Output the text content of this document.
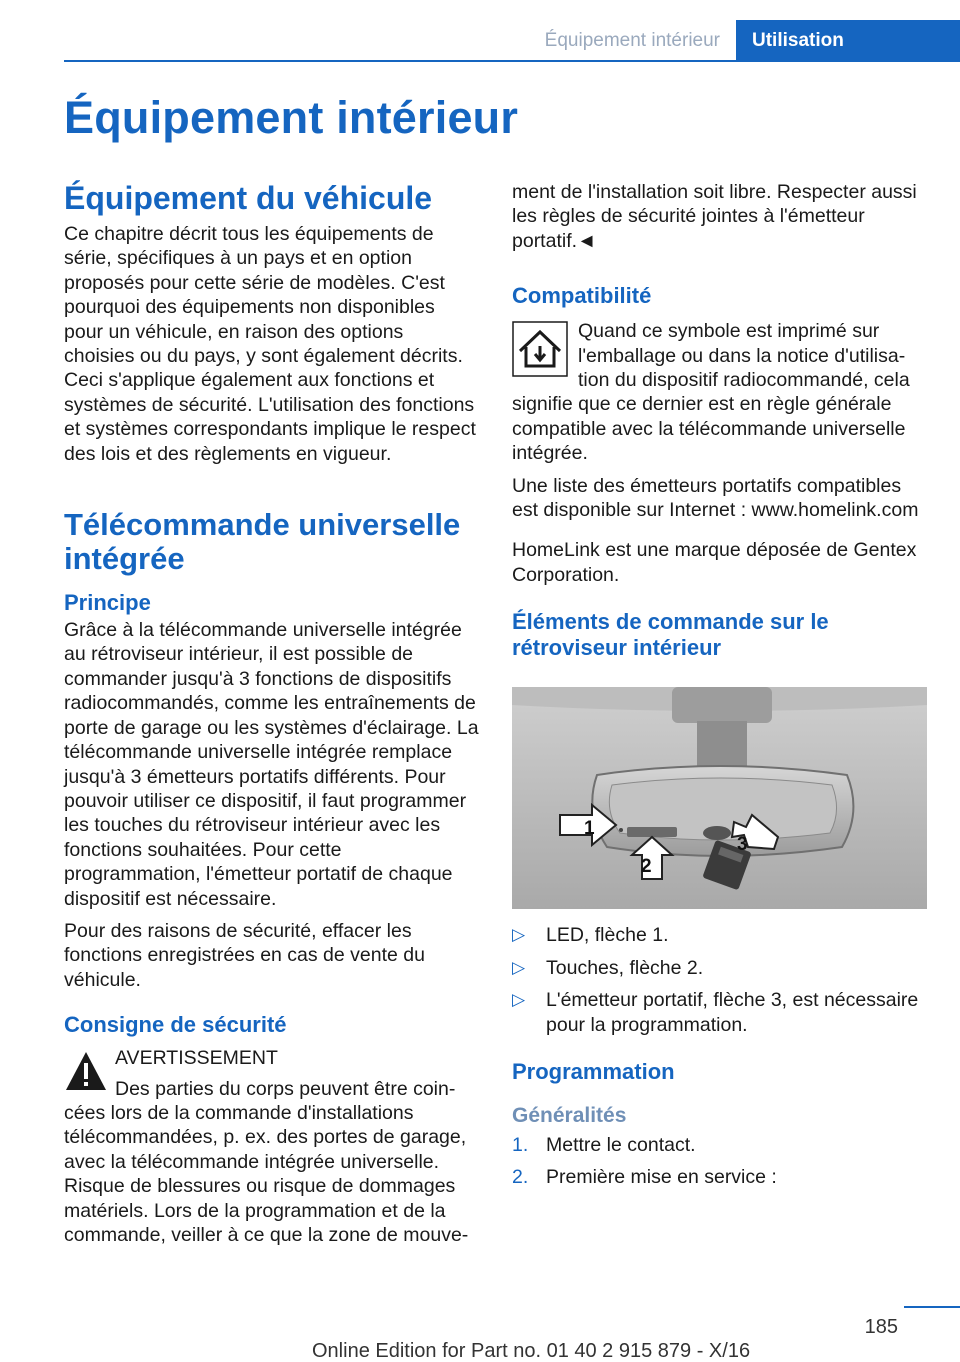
Équipement intérieur	Utilisation
Équipement intérieur
Équipement du véhicule

Ce chapitre décrit tous les équipements de série, spécifiques à un pays et en option proposés pour cette série de modèles. C'est pourquoi des équipements non disponibles pour un véhicule, en raison des options choisies ou du pays, y sont également décrits. Ceci s'applique également aux fonctions et systèmes de sécurité. L'utilisation des fonctions et systèmes correspondants implique le respect des lois et des règlements en vigueur.

Télécommande universelle intégrée
Principe

Grâce à la télécommande universelle intégrée au rétroviseur intérieur, il est possible de commander jusqu'à 3 fonctions de dispositifs radiocommandés, comme les entraînements de porte de garage ou les systèmes d'éclairage. La télécommande universelle intégrée remplace jusqu'à 3 émetteurs portatifs différents. Pour pouvoir utiliser ce dispositif, il faut programmer les touches du rétroviseur intérieur avec les fonctions souhaitées. Pour cette programmation, l'émetteur portatif de chaque dispositif est nécessaire.

Pour des raisons de sécurité, effacer les fonctions enregistrées en cas de vente du véhicule.

Consigne de sécurité

AVERTISSEMENT

Des parties du corps peuvent être coin-

cées lors de la commande d'installations télécommandées, p. ex. des portes de garage, avec la télécommande intégrée universelle. Risque de blessures ou risque de dommages matériels. Lors de la programmation et de la commande, veiller à ce que la zone de mouve-

ment de l'installation soit libre. Respecter aussi les règles de sécurité jointes à l'émetteur portatif.◄

Compatibilité

Quand ce symbole est imprimé sur l'emballage ou dans la notice d'utilisa-

tion du dispositif radiocommandé, cela

signifie que ce dernier est en règle générale compatible avec la télécommande universelle intégrée.

Une liste des émetteurs portatifs compatibles est disponible sur Internet : www.homelink.com

HomeLink est une marque déposée de Gentex Corporation.

Éléments de commande sur le rétroviseur intérieur
1
2
3
▷ LED, flèche 1.
▷ Touches, flèche 2.
▷ L'émetteur portatif, flèche 3, est nécessaire pour la programmation.
Programmation
Généralités
1. Mettre le contact.
2. Première mise en service :
185
Online Edition for Part no. 01 40 2 915 879 - X/16
